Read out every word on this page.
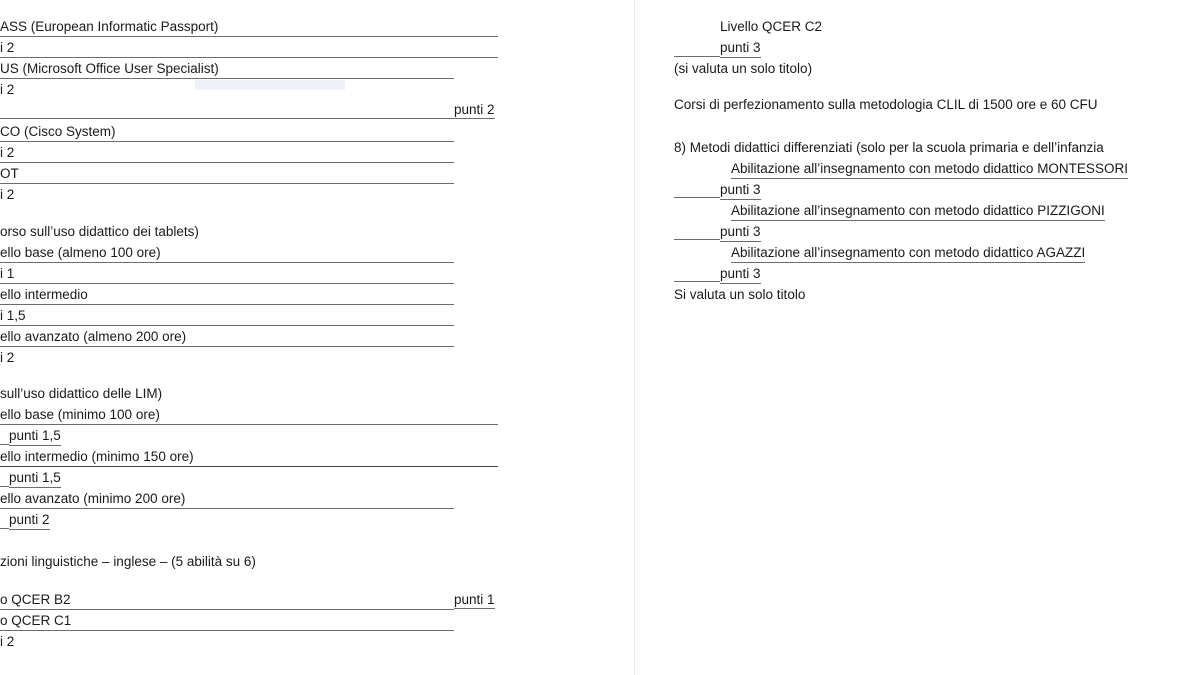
ASS (European Informatic Passport)
i 2
US (Microsoft Office User Specialist)
i 2
punti 2
CO (Cisco System)
i 2
OT
i 2
orso sull’uso didattico dei tablets)
ello base (almeno 100 ore)
i 1
ello intermedio
i 1,5
ello avanzato (almeno 200 ore)
i 2
sull’uso didattico delle LIM)
ello base (minimo 100 ore)
punti 1,5
ello intermedio (minimo 150 ore)
punti 1,5
ello avanzato (minimo 200 ore)
punti 2
zioni linguistiche – inglese – (5 abilità su 6)
o QCER B2	punti 1
o QCER C1
i 2
Livello QCER C2
punti 3
(si valuta un solo titolo)
Corsi di perfezionamento sulla metodologia CLIL di 1500 ore e 60 CFU
8) Metodi didattici differenziati (solo per la scuola primaria e dell’infanzia
Abilitazione all’insegnamento con metodo didattico MONTESSORI
punti 3
Abilitazione all’insegnamento con metodo didattico PIZZIGONI
punti 3
Abilitazione all’insegnamento con metodo didattico AGAZZI
punti 3
Si valuta un solo titolo
